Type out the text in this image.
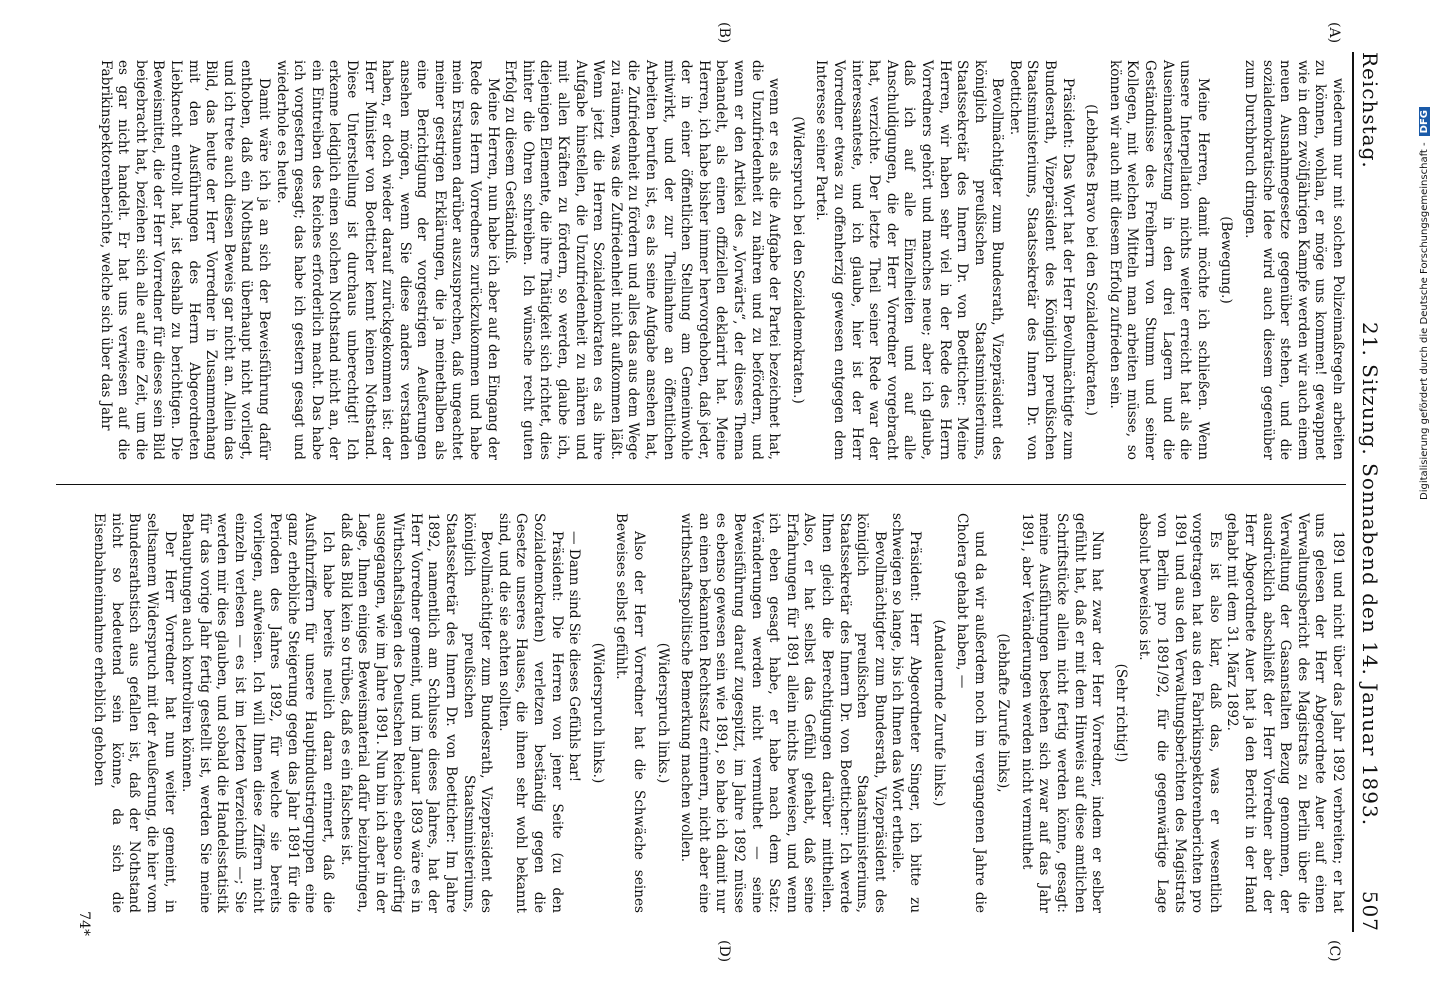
Reichstag.
21. Sitzung. Sonnabend den 14. Januar 1893.
507
(A)
(B)
(C)
(D)

wiederum nur mit solchen Polizeimaßregeln arbeiten zu können, wohlan, er möge uns kommen! gewappnet wie in dem zwölfjährigen Kampfe werden wir auch einem neuen Ausnahmegesetze gegenüber stehen, und die sozialdemokratische Idee wird auch diesem gegenüber zum Durchbruch dringen.

(Bewegung.)

Meine Herren, damit möchte ich schließen. Wenn unsere Interpellation nichts weiter erreicht hat als die Auseinandersetzung in den drei Lagern und die Geständnisse des Freiherrn von Stumm und seiner Kollegen, mit welchen Mitteln man arbeiten müsse, so können wir auch mit diesem Erfolg zufrieden sein.

(Lebhaftes Bravo bei den Sozialdemokraten.)

Präsident: Das Wort hat der Herr Bevollmächtigte zum Bundesrath, Vizepräsident des Königlich preußischen Staatsministeriums, Staatssekretär des Innern Dr. von Boetticher.

Bevollmächtigter zum Bundesrath, Vizepräsident des königlich preußischen Staatsministeriums, Staatssekretär des Innern Dr. von Boetticher: Meine Herren, wir haben sehr viel in der Rede des Herrn Vorredners gehört und manches neue; aber ich glaube, daß ich auf alle Einzelheiten und auf alle Anschuldigungen, die der Herr Vorredner vorgebracht hat, verzichte. Der letzte Theil seiner Rede war der interessanteste, und ich glaube, hier ist der Herr Vorredner etwas zu offenherzig gewesen entgegen dem Interesse seiner Partei.

(Widerspruch bei den Sozialdemokraten.)

wenn er es als die Aufgabe der Partei bezeichnet hat, die Unzufriedenheit zu nähren und zu befördern, und wenn er den Artikel des „Vorwärts“, der dieses Thema behandelt, als einen offiziellen deklarirt hat. Meine Herren, ich habe bisher immer hervorgehoben, daß jeder, der in einer öffentlichen Stellung am Gemeinwohle mitwirkt, und der zur Theilnahme an öffentlichen Arbeiten berufen ist, es als seine Aufgabe ansehen hat, die Zufriedenheit zu fördern und alles das aus dem Wege zu räumen, was die Zufriedenheit nicht aufkommen läßt. Wenn jetzt die Herren Sozialdemokraten es als ihre Aufgabe hinstellen, die Unzufriedenheit zu nähren und mit allen Kräften zu fördern, so werden, glaube ich, diejenigen Elemente, die ihre Thätigkeit sich richtet, dies hinter die Ohren schreiben. Ich wünsche recht guten Erfolg zu diesem Geständniß.

Meine Herren, nun habe ich aber auf den Eingang der Rede des Herrn Vorredners zurückzukommen und habe mein Erstaunen darüber auszusprechen, daß ungeachtet meiner gestrigen Erklärungen, die ja meinethalben als eine Berichtigung der vorgestrigen Aeußerungen ansehen mögen, wenn Sie diese anders verstanden haben, er doch wieder darauf zurückgekommen ist: der Herr Minister von Boetticher kennt keinen Nothstand. Diese Unterstellung ist durchaus unberechtigt! Ich erkenne lediglich einen solchen Nothstand nicht an, der ein Eintreiben des Reiches erforderlich macht. Das habe ich vorgestern gesagt; das habe ich gestern gesagt und wiederhole es heute.

Damit wäre ich ja an sich der Beweisführung dafür enthoben, daß ein Nothstand überhaupt nicht vorliegt, und ich trete auch diesen Beweis gar nicht an. Allein das Bild, das heute der Herr Vorredner in Zusammenhang mit den Ausführungen des Herrn Abgeordneten Liebknecht entrollt hat, ist deshalb zu berichtigen. Die Beweismittel, die der Herr Vorredner für dieses sein Bild beigebracht hat, beziehen sich alle auf eine Zeit, um die es gar nicht handelt. Er hat uns verwiesen auf die Fabrikinspektorenberichte, welche sich über das Jahr

1891 und nicht über das Jahr 1892 verbreiten; er hat uns gelesen der Herr Abgeordnete Auer auf einen Verwaltungsbericht des Magistrats zu Berlin über die Verwaltung der Gasanstalten Bezug genommen, der ausdrücklich abschließt der Herr Vorredner aber der Herr Abgeordnete Auer hat ja den Bericht in der Hand gehabt mit dem 31. März 1892.

Es ist also klar, daß das, was er wesentlich vorgetragen hat aus den Fabrikinspektorenberichten pro 1891 und aus den Verwaltungsberichten des Magistrats von Berlin pro 1891/92, für die gegenwärtige Lage absolut beweislos ist.

(Sehr richtig!)

Nun hat zwar der Herr Vorredner, indem er selber gefühlt hat, daß er mit dem Hinweis auf diese amtlichen Schriftstücke allein nicht fertig werden könne, gesagt: meine Ausführungen bestehen sich zwar auf das Jahr 1891, aber Veränderungen werden nicht vermuthet

(lebhafte Zurufe links),

und da wir außerdem noch im vergangenen Jahre die Cholera gehabt haben, —

(Andauernde Zurufe links.)

Präsident: Herr Abgeordneter Singer, ich bitte zu schweigen so lange, bis ich Ihnen das Wort ertheile.

Bevollmächtigter zum Bundesrath, Vizepräsident des königlich preußischen Staatsministeriums, Staatssekretär des Innern Dr. von Boetticher: Ich werde Ihnen gleich die Berechtigungen darüber mittheilen. Also, er hat selbst das Gefühl gehabt, daß seine Erfahrungen für 1891 allein nichts beweisen, und wenn ich eben gesagt habe, er habe nach dem Satz: Veränderungen werden nicht vermuthet — seine Beweisführung darauf zugespitzt, im Jahre 1892 müsse es ebenso gewesen sein wie 1891, so habe ich damit nur an einen bekannten Rechtssatz erinnern, nicht aber eine wirthschaftspolitische Bemerkung machen wollen.

(Widerspruch links.)

Also der Herr Vorredner hat die Schwäche seines Beweises selbst gefühlt.

(Widerspruch links.)

— Dann sind Sie dieses Gefühls bar!

Präsident: Die Herren von jener Seite (zu den Sozialdemokraten) verletzen beständig gegen die Gesetze unseres Hauses, die ihnen sehr wohl bekannt sind, und die sie achten sollten.

Bevollmächtigter zum Bundesrath, Vizepräsident des königlich preußischen Staatsministeriums, Staatssekretär des Innern Dr. von Boetticher: Im Jahre 1892, namentlich am Schlusse dieses Jahres, hat der Herr Vorredner gemeint, und im Januar 1893 wäre es in Wirthschaftslagen des Deutschen Reiches ebenso dürftig ausgegangen, wie im Jahre 1891. Nun bin ich aber in der Lage, Ihnen einiges Beweismaterial dafür beizubringen, daß das Bild kein so trübes, daß es ein falsches ist.

Ich habe bereits neulich daran erinnert, daß die Ausfuhrziffern für unsere Hauptindustriegruppen eine ganz erhebliche Steigerung gegen das Jahr 1891 für die Perioden des Jahres 1892, für welche sie bereits vorliegen, aufweisen. Ich will Ihnen diese Ziffern nicht einzeln verlesen — es ist im letzten Verzeichniß —; Sie werden mir dies glauben, und sobald die Handelsstatistik für das vorige Jahr fertig gestellt ist, werden Sie meine Behauptungen auch kontroliren können.

Der Herr Vorredner hat nun weiter gemeint, in seltsamem Widerspruch mit der Aeußerung, die hier vom Bundesrathstisch aus gefallen ist, daß der Nothstand nicht so bedeutend sein könne, da sich die Eisenbahneinnahme erheblich gehoben

74*
Digitalisierung gefördert durch die Deutsche Forschungsgemeinschaft -DFG
